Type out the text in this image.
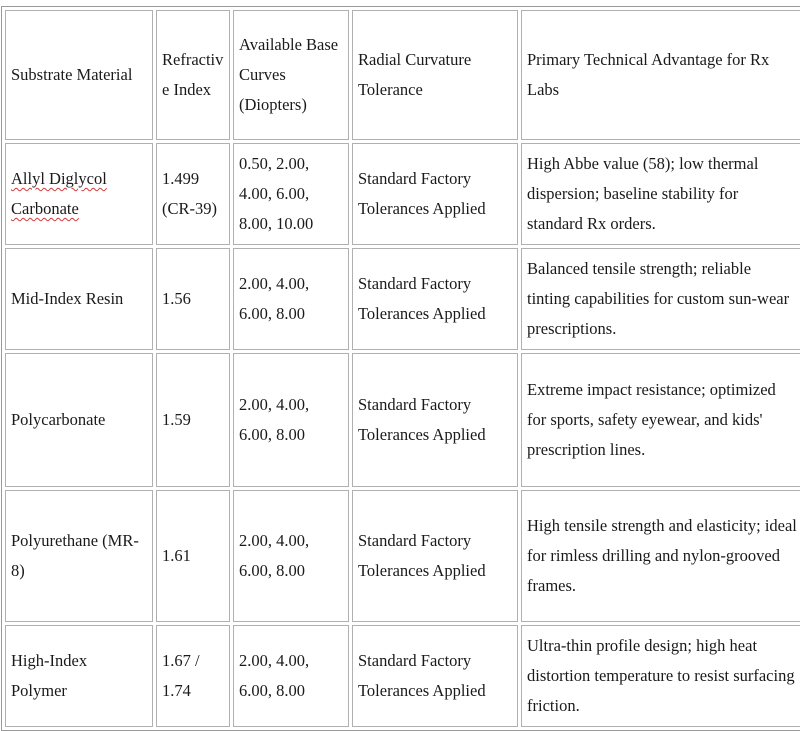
Substrate Material	Refractive Index	Available Base Curves (Diopters)	Radial Curvature Tolerance	Primary Technical Advantage for Rx Labs
Allyl Diglycol Carbonate	1.499 (CR-39)	0.50, 2.00, 4.00, 6.00, 8.00, 10.00	Standard Factory Tolerances Applied	High Abbe value (58); low thermal dispersion; baseline stability for standard Rx orders.
Mid-Index Resin	1.56	2.00, 4.00, 6.00, 8.00	Standard Factory Tolerances Applied	Balanced tensile strength; reliable tinting capabilities for custom sun-wear prescriptions.
Polycarbonate	1.59	2.00, 4.00, 6.00, 8.00	Standard Factory Tolerances Applied	Extreme impact resistance; optimized for sports, safety eyewear, and kids' prescription lines.
Polyurethane (MR-8)	1.61	2.00, 4.00, 6.00, 8.00	Standard Factory Tolerances Applied	High tensile strength and elasticity; ideal for rimless drilling and nylon-grooved frames.
High-Index Polymer	1.67 / 1.74	2.00, 4.00, 6.00, 8.00	Standard Factory Tolerances Applied	Ultra-thin profile design; high heat distortion temperature to resist surfacing friction.
